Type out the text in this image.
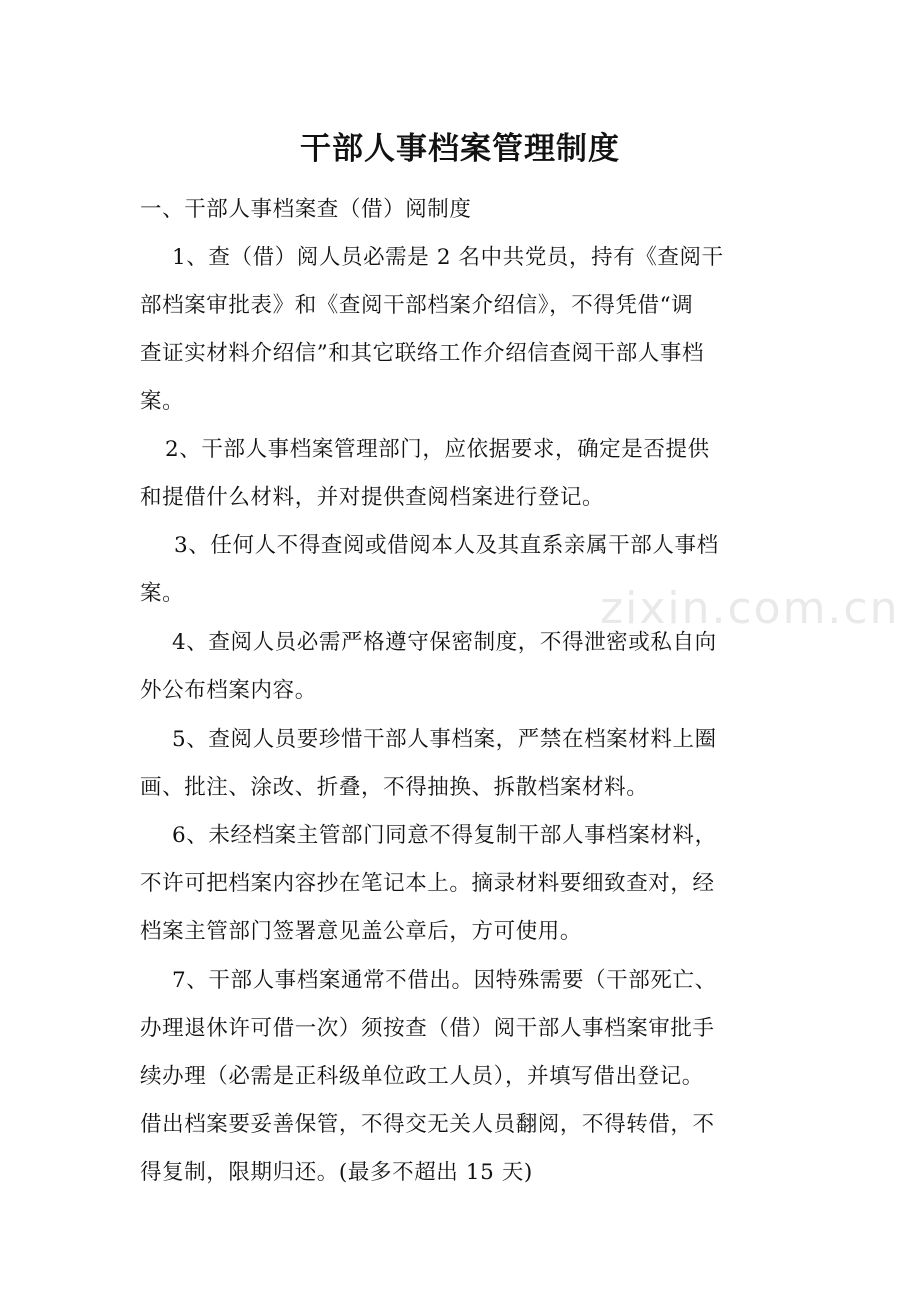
干部人事档案管理制度
一、干部人事档案查（借）阅制度
1、查（借）阅人员必需是 2 名中共党员，持有《查阅干
部档案审批表》和《查阅干部档案介绍信》，不得凭借“调
查证实材料介绍信”和其它联络工作介绍信查阅干部人事档
案。
2、干部人事档案管理部门，应依据要求，确定是否提供
和提借什么材料，并对提供查阅档案进行登记。
3、任何人不得查阅或借阅本人及其直系亲属干部人事档
案。
4、查阅人员必需严格遵守保密制度，不得泄密或私自向
外公布档案内容。
5、查阅人员要珍惜干部人事档案，严禁在档案材料上圈
画、批注、涂改、折叠，不得抽换、拆散档案材料。
6、未经档案主管部门同意不得复制干部人事档案材料，
不许可把档案内容抄在笔记本上。摘录材料要细致查对，经
档案主管部门签署意见盖公章后，方可使用。
7、干部人事档案通常不借出。因特殊需要（干部死亡、
办理退休许可借一次）须按查（借）阅干部人事档案审批手
续办理（必需是正科级单位政工人员），并填写借出登记。
借出档案要妥善保管，不得交无关人员翻阅，不得转借，不
得复制，限期归还。(最多不超出 15 天)
zixin.com.cn
